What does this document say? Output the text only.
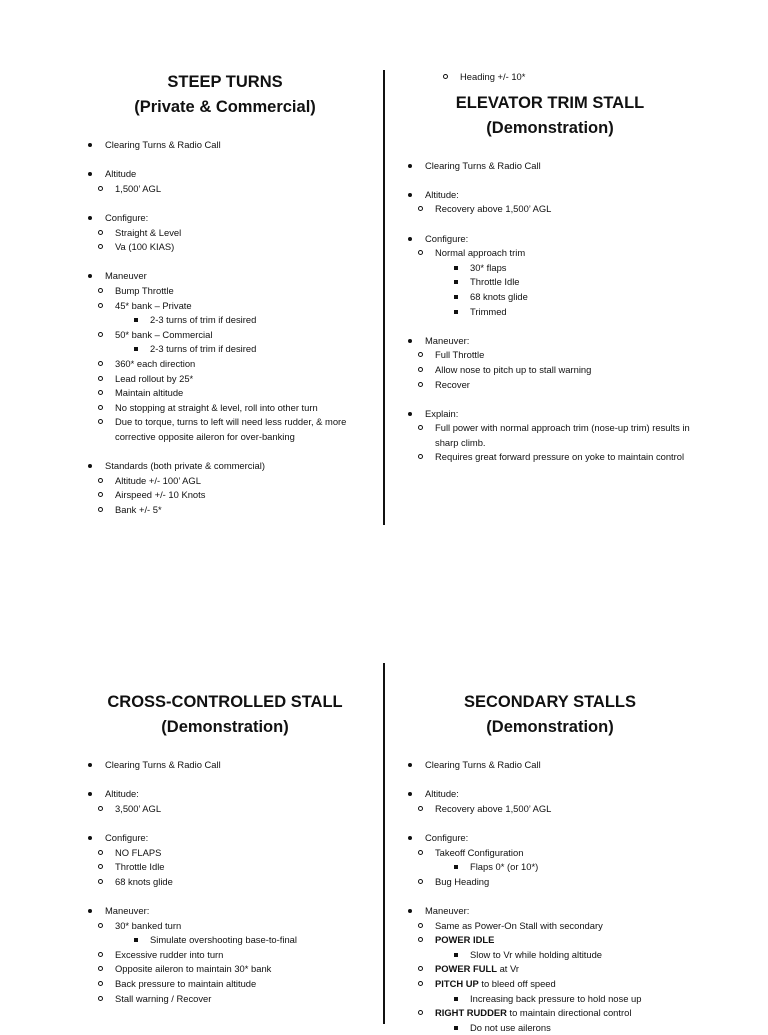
STEEP TURNS
(Private & Commercial)
Clearing Turns & Radio Call
Altitude
1,500’ AGL
Configure:
Straight & Level
Va (100 KIAS)
Maneuver
Bump Throttle
45* bank – Private
2-3 turns of trim if desired
50* bank – Commercial
2-3 turns of trim if desired
360* each direction
Lead rollout by 25*
Maintain altitude
No stopping at straight & level, roll into other turn
Due to torque, turns to left will need less rudder, & more corrective opposite aileron for over-banking
Standards (both private & commercial)
Altitude +/- 100’ AGL
Airspeed +/- 10 Knots
Bank +/- 5*
Heading +/- 10*
ELEVATOR TRIM STALL
(Demonstration)
Clearing Turns & Radio Call
Altitude:
Recovery above 1,500’ AGL
Configure:
Normal approach trim
30* flaps
Throttle Idle
68 knots glide
Trimmed
Maneuver:
Full Throttle
Allow nose to pitch up to stall warning
Recover
Explain:
Full power with normal approach trim (nose-up trim) results in sharp climb.
Requires great forward pressure on yoke to maintain control
CROSS-CONTROLLED STALL
(Demonstration)
Clearing Turns & Radio Call
Altitude:
3,500’ AGL
Configure:
NO FLAPS
Throttle Idle
68 knots glide
Maneuver:
30* banked turn
Simulate overshooting base-to-final
Excessive rudder into turn
Opposite aileron to maintain 30* bank
Back pressure to maintain altitude
Stall warning / Recover
SECONDARY STALLS
(Demonstration)
Clearing Turns & Radio Call
Altitude:
Recovery above 1,500’ AGL
Configure:
Takeoff Configuration
Flaps 0* (or 10*)
Bug Heading
Maneuver:
Same as Power-On Stall with secondary
POWER IDLE
Slow to Vr while holding altitude
POWER FULL at Vr
PITCH UP to bleed off speed
Increasing back pressure to hold nose up
RIGHT RUDDER to maintain directional control
Do not use ailerons
